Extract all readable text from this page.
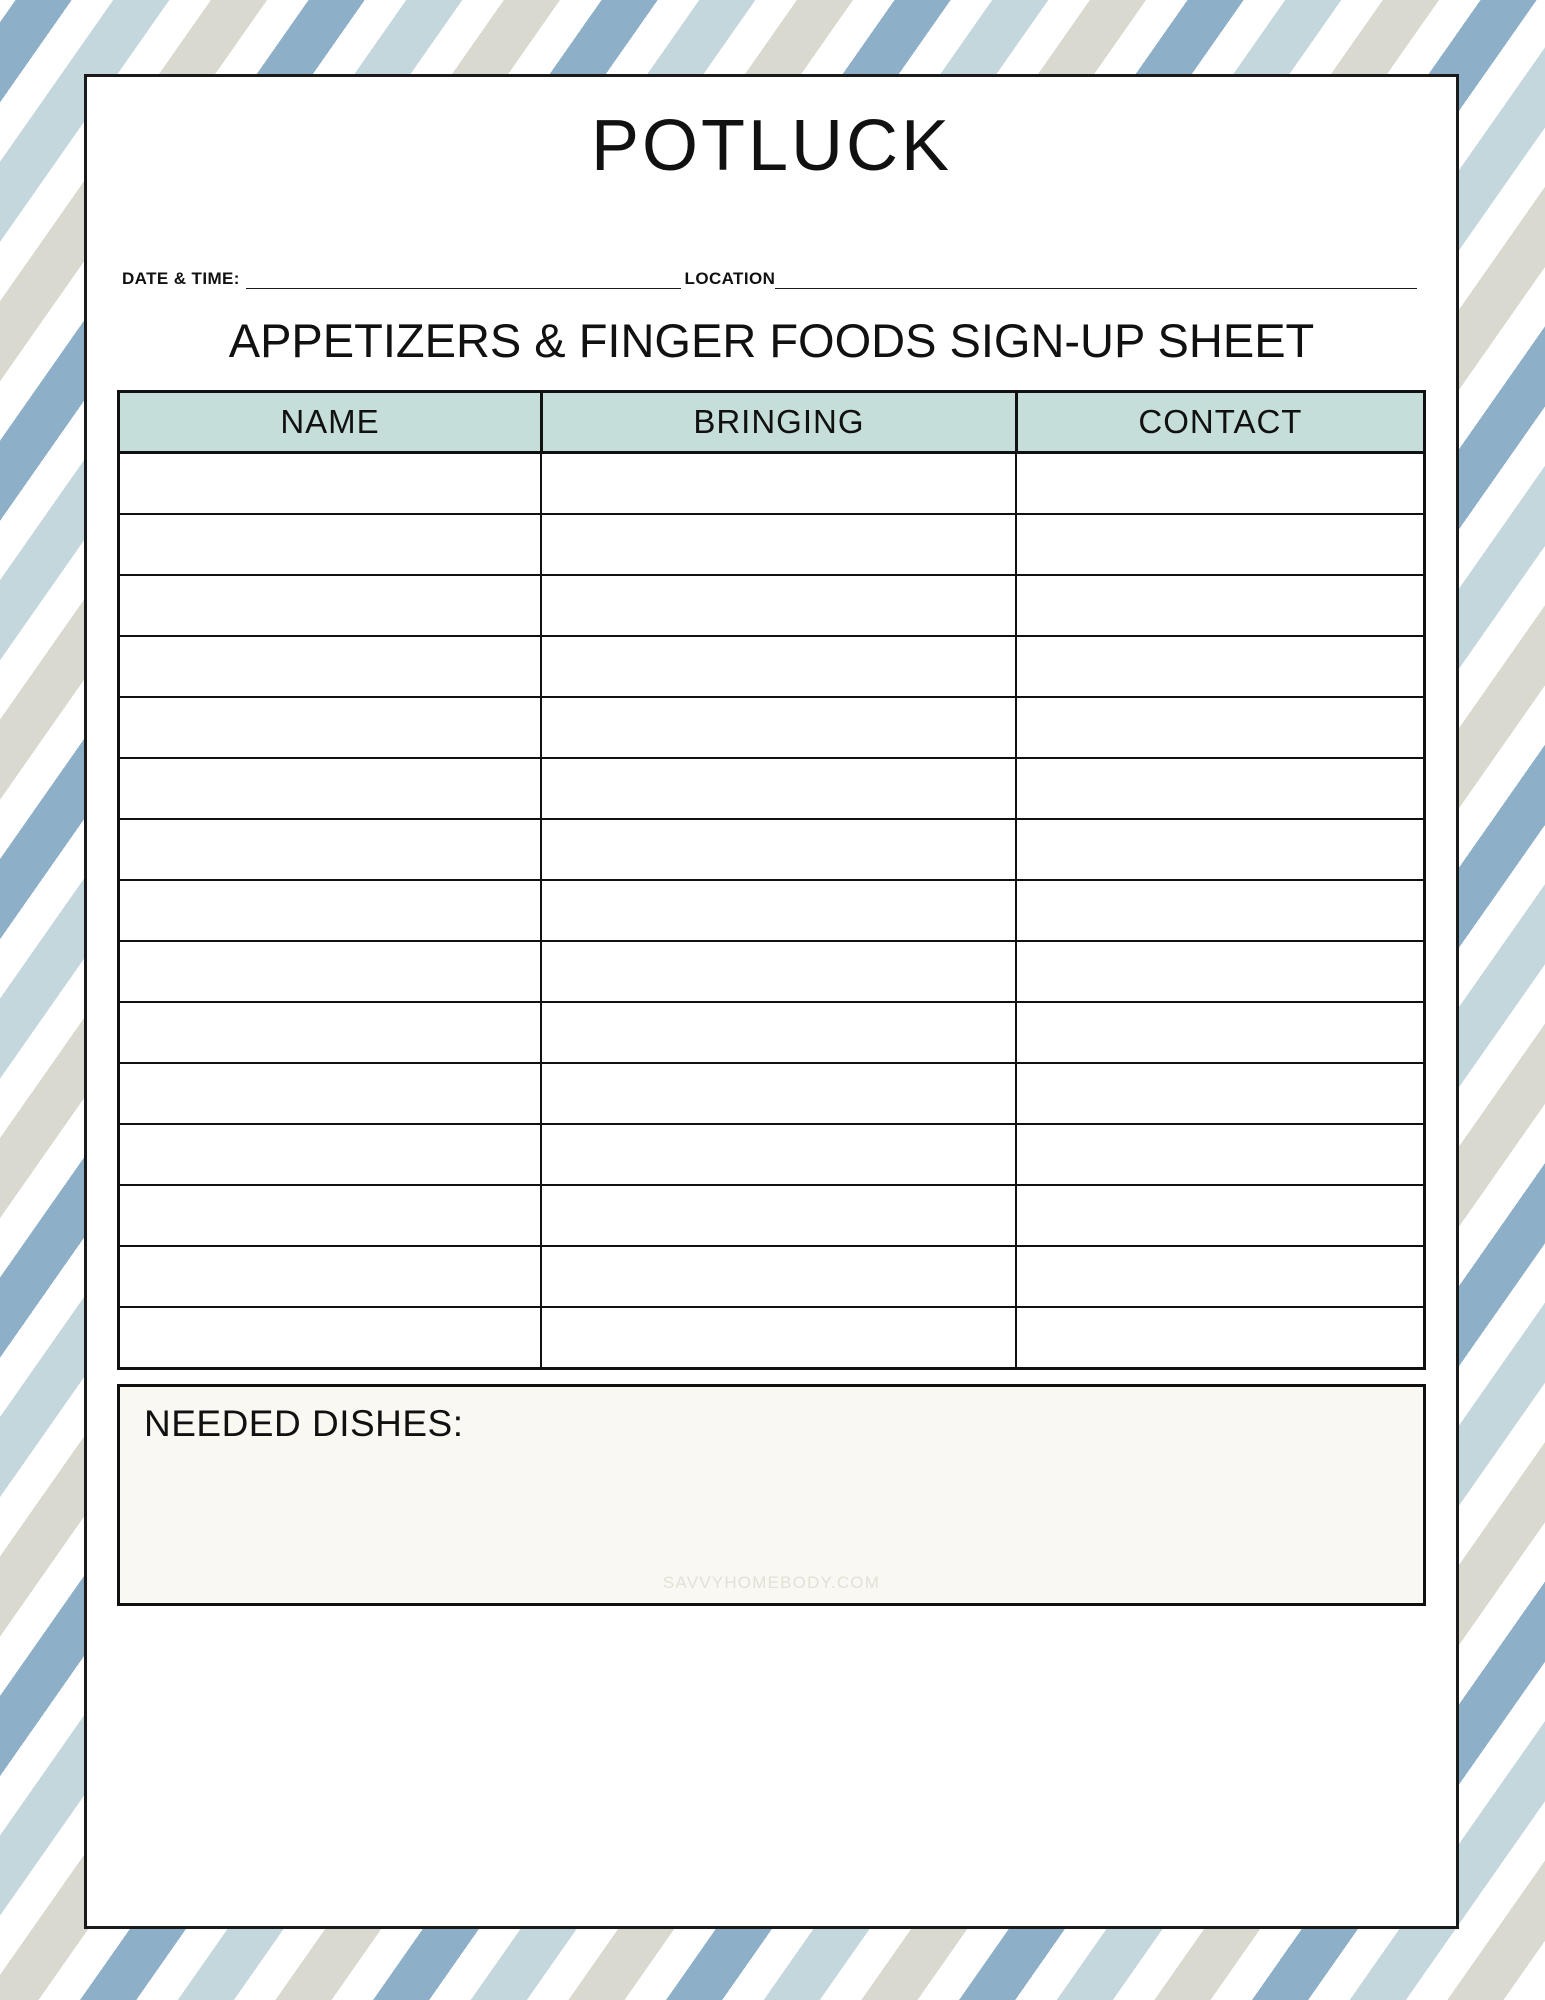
POTLUCK
DATE & TIME:	LOCATION
APPETIZERS & FINGER FOODS SIGN-UP SHEET
NAME	BRINGING	CONTACT

NEEDED DISHES:
SAVVYHOMEBODY.COM
